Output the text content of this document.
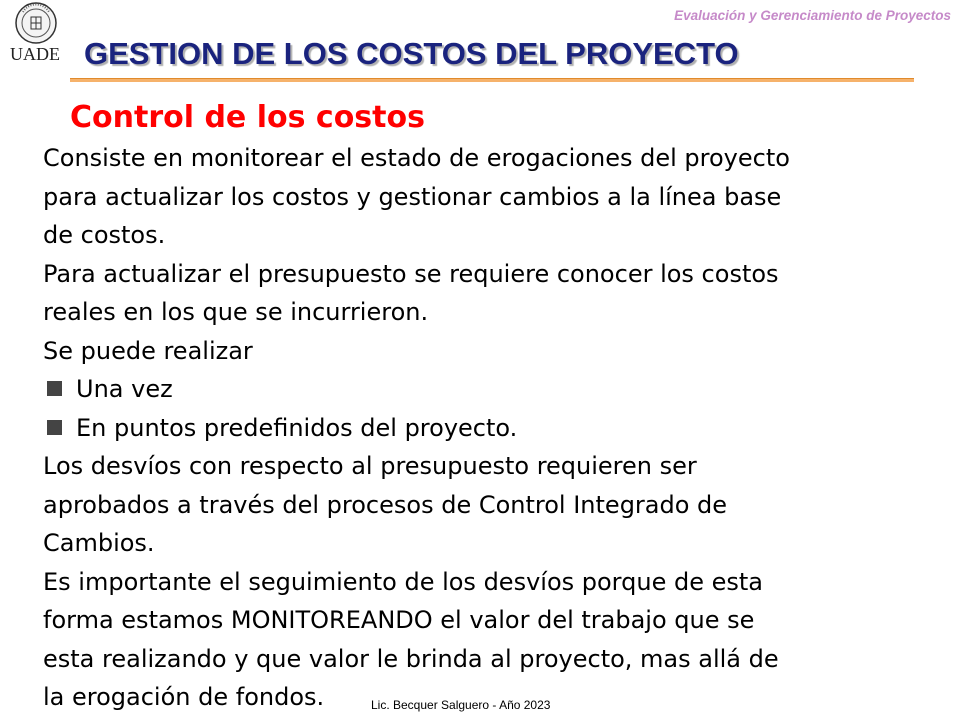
UADE
Evaluación y Gerenciamiento de Proyectos
GESTION DE LOS COSTOS DEL PROYECTO
Control de los costos
Consiste en monitorear el estado de erogaciones del proyecto
para actualizar los costos y gestionar cambios a la línea base
de costos.
Para actualizar el presupuesto se requiere conocer los costos
reales en los que se incurrieron.
Se puede realizar
Una vez
En puntos predefinidos del proyecto.
Los desvíos con respecto al presupuesto requieren ser
aprobados a través del procesos de Control Integrado de
Cambios.
Es importante el seguimiento de los desvíos porque de esta
forma estamos MONITOREANDO el valor del trabajo que se
esta realizando y que valor le brinda al proyecto, mas allá de
la erogación de fondos.	Lic. Becquer Salguero - Año 2023
